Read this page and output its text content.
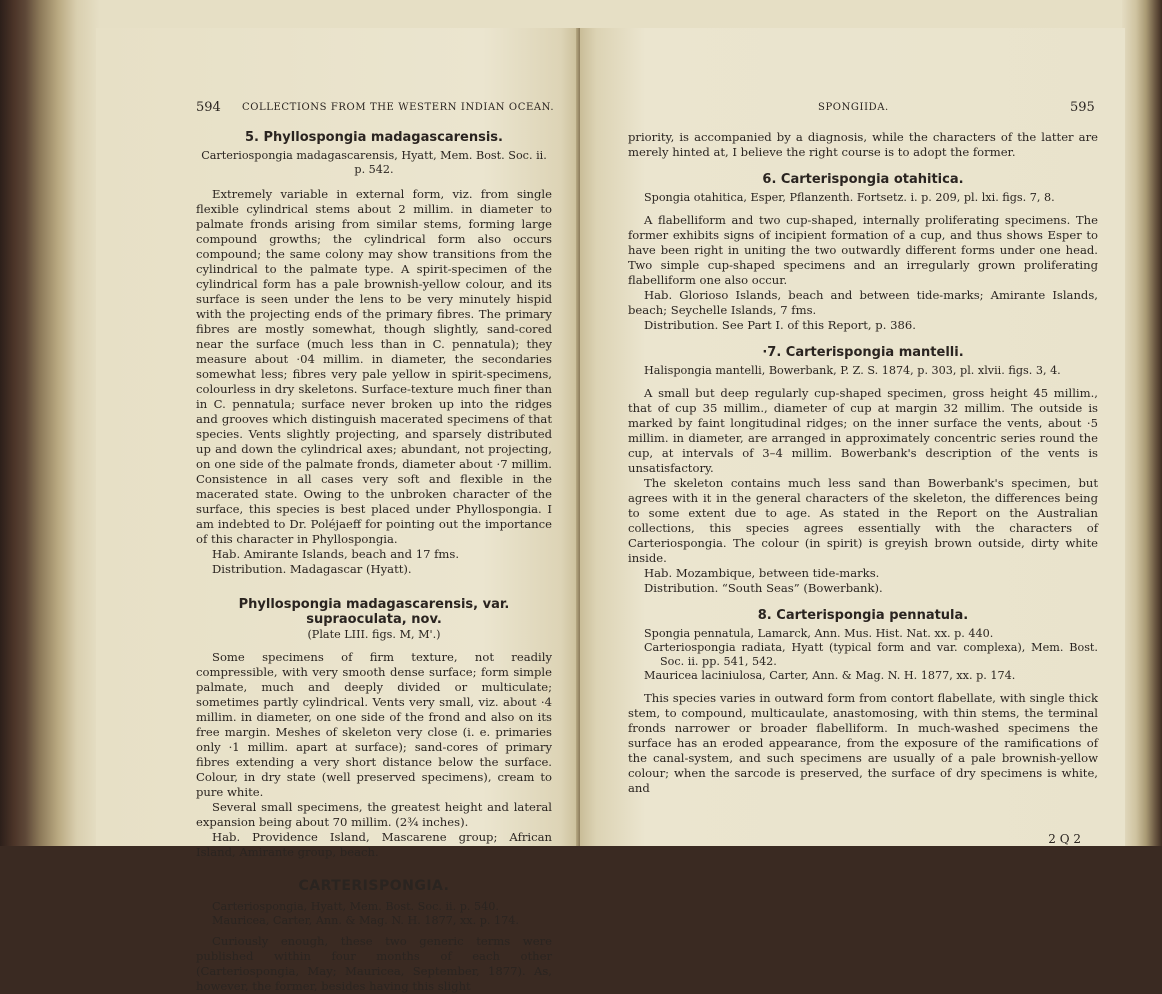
594 COLLECTIONS FROM THE WESTERN INDIAN OCEAN.
5. Phyllospongia madagascarensis.

Carteriospongia madagascarensis, Hyatt, Mem. Bost. Soc. ii. p. 542.

Extremely variable in external form, viz. from single flexible cylindrical stems about 2 millim. in diameter to palmate fronds arising from similar stems, forming large compound growths; the cylindrical form also occurs compound; the same colony may show transitions from the cylindrical to the palmate type. A spirit-specimen of the cylindrical form has a pale brownish-yellow colour, and its surface is seen under the lens to be very minutely hispid with the projecting ends of the primary fibres. The primary fibres are mostly somewhat, though slightly, sand-cored near the surface (much less than in C. pennatula); they measure about ·04 millim. in diameter, the secondaries somewhat less; fibres very pale yellow in spirit-specimens, colourless in dry skeletons. Surface-texture much finer than in C. pennatula; surface never broken up into the ridges and grooves which distinguish macerated specimens of that species. Vents slightly projecting, and sparsely distributed up and down the cylindrical axes; abundant, not projecting, on one side of the palmate fronds, diameter about ·7 millim. Consistence in all cases very soft and flexible in the macerated state. Owing to the unbroken character of the surface, this species is best placed under Phyllospongia. I am indebted to Dr. Poléjaeff for pointing out the importance of this character in Phyllospongia.

Hab. Amirante Islands, beach and 17 fms.

Distribution. Madagascar (Hyatt).

Phyllospongia madagascarensis, var. supraoculata, nov.

(Plate LIII. figs. M, M'.)

Some specimens of firm texture, not readily compressible, with very smooth dense surface; form simple palmate, much and deeply divided or multiculate; sometimes partly cylindrical. Vents very small, viz. about ·4 millim. in diameter, on one side of the frond and also on its free margin. Meshes of skeleton very close (i. e. primaries only ·1 millim. apart at surface); sand-cores of primary fibres extending a very short distance below the surface. Colour, in dry state (well preserved specimens), cream to pure white.

Several small specimens, the greatest height and lateral expansion being about 70 millim. (2¾ inches).

Hab. Providence Island, Mascarene group; African Island, Amirante group, beach.

CARTERISPONGIA.

Carteriospongia, Hyatt, Mem. Bost. Soc. ii. p. 540.

Mauricea, Carter, Ann. & Mag. N. H. 1877, xx. p. 174.

Curiously enough, these two generic terms were published within four months of each other (Carteriospongia, May; Mauricea, September, 1877). As, however, the former, besides having this slight

SPONGIIDA.	595

priority, is accompanied by a diagnosis, while the characters of the latter are merely hinted at, I believe the right course is to adopt the former.

6. Carterispongia otahitica.

Spongia otahitica, Esper, Pflanzenth. Fortsetz. i. p. 209, pl. lxi. figs. 7, 8.

A flabelliform and two cup-shaped, internally proliferating specimens. The former exhibits signs of incipient formation of a cup, and thus shows Esper to have been right in uniting the two outwardly different forms under one head. Two simple cup-shaped specimens and an irregularly grown proliferating flabelliform one also occur.

Hab. Glorioso Islands, beach and between tide-marks; Amirante Islands, beach; Seychelle Islands, 7 fms.

Distribution. See Part I. of this Report, p. 386.

·7. Carterispongia mantelli.

Halispongia mantelli, Bowerbank, P. Z. S. 1874, p. 303, pl. xlvii. figs. 3, 4.

A small but deep regularly cup-shaped specimen, gross height 45 millim., that of cup 35 millim., diameter of cup at margin 32 millim. The outside is marked by faint longitudinal ridges; on the inner surface the vents, about ·5 millim. in diameter, are arranged in approximately concentric series round the cup, at intervals of 3–4 millim. Bowerbank's description of the vents is unsatisfactory.

The skeleton contains much less sand than Bowerbank's specimen, but agrees with it in the general characters of the skeleton, the differences being to some extent due to age. As stated in the Report on the Australian collections, this species agrees essentially with the characters of Carteriospongia. The colour (in spirit) is greyish brown outside, dirty white inside.

Hab. Mozambique, between tide-marks.

Distribution. “South Seas” (Bowerbank).

8. Carterispongia pennatula.

Spongia pennatula, Lamarck, Ann. Mus. Hist. Nat. xx. p. 440.

Carteriospongia radiata, Hyatt (typical form and var. complexa), Mem. Bost. Soc. ii. pp. 541, 542.

Mauricea laciniulosa, Carter, Ann. & Mag. N. H. 1877, xx. p. 174.

This species varies in outward form from contort flabellate, with single thick stem, to compound, multicaulate, anastomosing, with thin stems, the terminal fronds narrower or broader flabelliform. In much-washed specimens the surface has an eroded appearance, from the exposure of the ramifications of the canal-system, and such specimens are usually of a pale brownish-yellow colour; when the sarcode is preserved, the surface of dry specimens is white, and

2 Q 2
